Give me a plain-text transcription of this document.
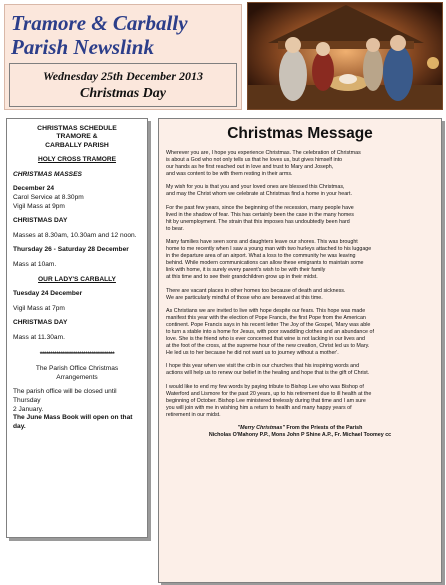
Tramore & Carbally
Parish Newslink
Wednesday 25th December 2013
Christmas Day
CHRISTMAS SCHEDULE
TRAMORE &
CARBALLY PARISH
HOLY CROSS TRAMORE
CHRISTMAS MASSES
December 24
Carol Service at 8.30pm
Vigil Mass at 9pm
CHRISTMAS DAY
Masses at 8.30am, 10.30am and 12 noon.
Thursday 26 - Saturday 28 December
Mass at 10am.
OUR LADY'S CARBALLY
Tuesday 24 December
Vigil Mass at 7pm
CHRISTMAS DAY
Mass at 11.30am.
************************************
The Parish Office Christmas
Arrangements
The parish office will be closed until
Thursday
2 January.
The June Mass Book will open on that
day.
Christmas Message
Wherever you are, I hope you experience Christmas. The celebration of Christmas
is about a God who not only tells us that he loves us, but gives himself into
our hands as he first reached out in love and trust to Mary and Joseph,
and was content to be with them resting in their arms.
My wish for you is that you and your loved ones are blessed this Christmas,
and may the Christ whom we celebrate at Christmas find a home in your heart.
For the past few years, since the beginning of the recession, many people have
lived in the shadow of fear. This has certainly been the case in the many homes
hit by unemployment. The strain that this imposes has undoubtedly been hard
to bear.
Many families have seen sons and daughters leave our shores. This was brought
home to me recently when I saw a young man with two hurleys attached to his luggage
in the departure area of an airport. What a loss to the community he was leaving
behind. While modern communications can allow these emigrants to maintain some
link with home, it is surely every parent's wish to be with their family
at this time and to see their grandchildren grow up in their midst.
There are vacant places in other homes too because of death and sickness.
We are particularly mindful of those who are bereaved at this time.
As Christians we are invited to live with hope despite our fears. This hope was made
manifest this year with the election of Pope Francis, the first Pope from the American
continent. Pope Francis says in his recent letter The Joy of the Gospel, 'Mary was able
to turn a stable into a home for Jesus, with poor swaddling clothes and an abundance of
love. She is the friend who is ever concerned that wine is not lacking in our lives and
at the foot of the cross, at the supreme hour of the new creation, Christ led us to Mary.
He led us to her because he did not want us to journey without a mother'.
I hope this year when we visit the crib in our churches that his inspiring words and
actions will help us to renew our belief in the healing and hope that is the gift of Christ.
I would like to end my few words by paying tribute to Bishop Lee who was Bishop of
Waterford and Lismore for the past 20 years, up to his retirement due to ill health at the
beginning of October. Bishop Lee ministered tirelessly during that time and I am sure
you will join with me in wishing him a return to health and many happy years of
retirement in our midst.
"Merry Christmas" From the Priests of the Parish
Nicholas O'Mahony P.P., Mons John P Shine A.P., Fr. Michael Toomey cc
